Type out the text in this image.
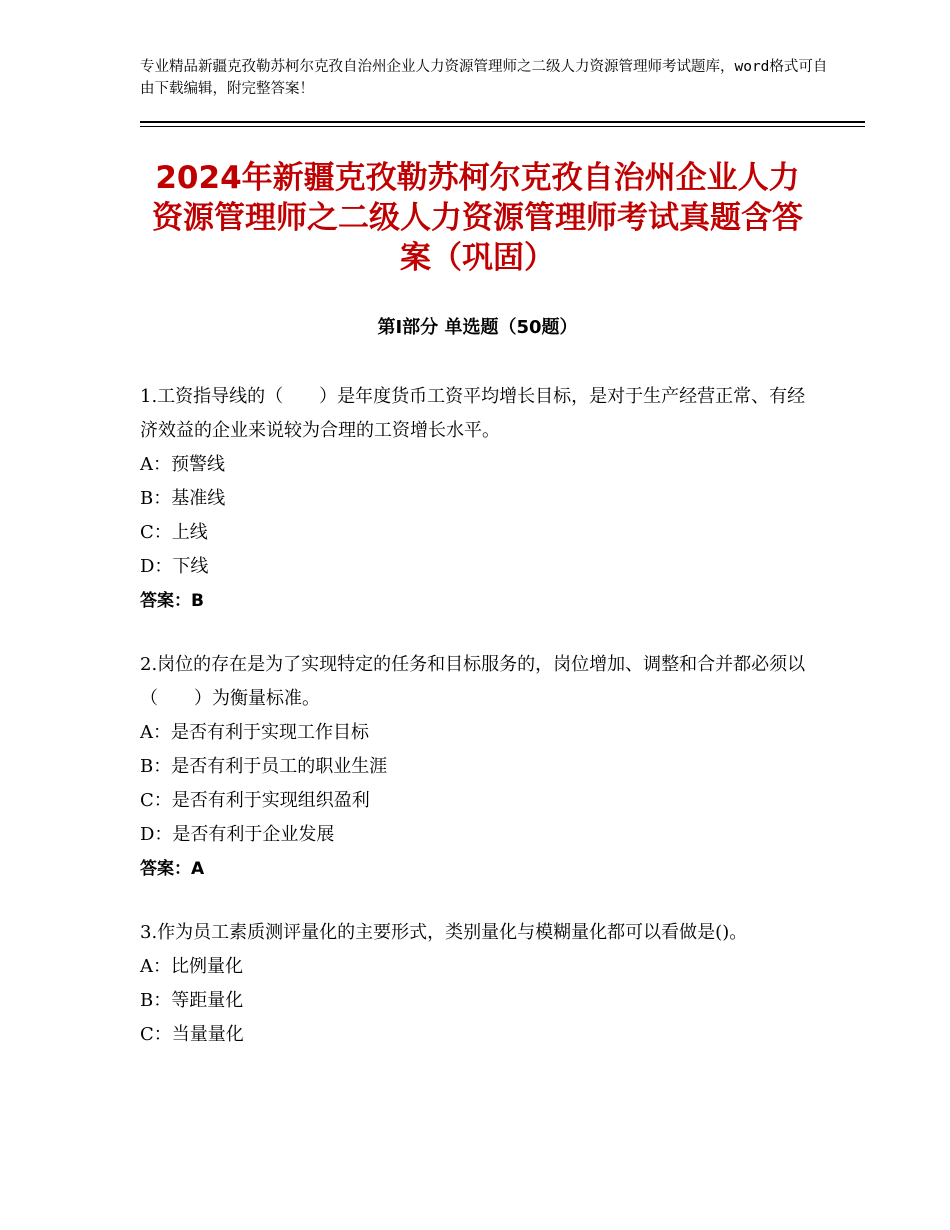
专业精品新疆克孜勒苏柯尔克孜自治州企业人力资源管理师之二级人力资源管理师考试题库，word格式可自由下载编辑，附完整答案！
2024年新疆克孜勒苏柯尔克孜自治州企业人力资源管理师之二级人力资源管理师考试真题含答案（巩固）
第Ⅰ部分 单选题（50题）

1.工资指导线的（　　）是年度货币工资平均增长目标，是对于生产经营正常、有经济效益的企业来说较为合理的工资增长水平。

A：预警线

B：基准线

C：上线

D：下线

答案：B

2.岗位的存在是为了实现特定的任务和目标服务的，岗位增加、调整和合并都必须以（　　）为衡量标准。

A：是否有利于实现工作目标

B：是否有利于员工的职业生涯

C：是否有利于实现组织盈利

D：是否有利于企业发展

答案：A

3.作为员工素质测评量化的主要形式，类别量化与模糊量化都可以看做是()。

A：比例量化

B：等距量化

C：当量量化
